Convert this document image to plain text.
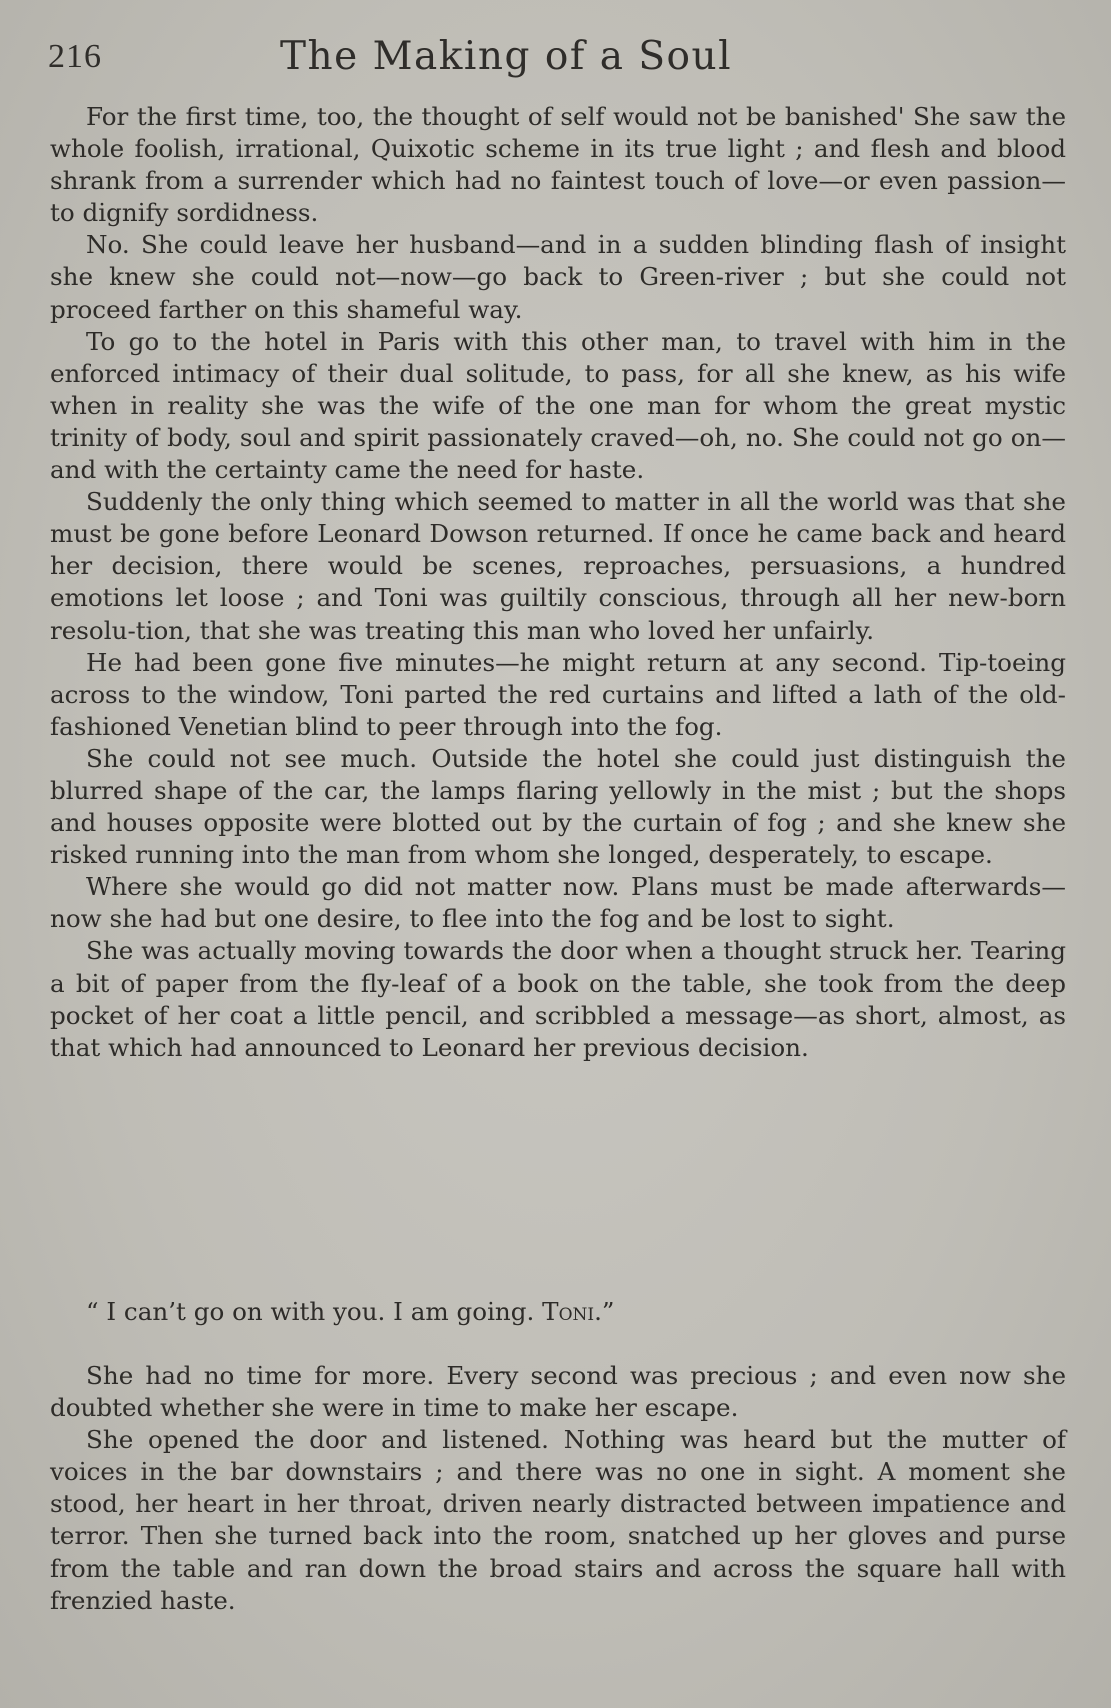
216	The Making of a Soul

For the first time, too, the thought of self would not be banished' She saw the whole foolish, irrational, Quixotic scheme in its true light ; and flesh and blood shrank from a surrender which had no faintest touch of love—or even passion—to dignify sordidness.

No. She could leave her husband—and in a sudden blinding flash of insight she knew she could not—now—go back to Green-river ; but she could not proceed farther on this shameful way.

To go to the hotel in Paris with this other man, to travel with him in the enforced intimacy of their dual solitude, to pass, for all she knew, as his wife when in reality she was the wife of the one man for whom the great mystic trinity of body, soul and spirit passionately craved—oh, no. She could not go on—and with the certainty came the need for haste.

Suddenly the only thing which seemed to matter in all the world was that she must be gone before Leonard Dowson returned. If once he came back and heard her decision, there would be scenes, reproaches, persuasions, a hundred emotions let loose ; and Toni was guiltily conscious, through all her new-born resolu-tion, that she was treating this man who loved her unfairly.

He had been gone five minutes—he might return at any second. Tip-toeing across to the window, Toni parted the red curtains and lifted a lath of the old-fashioned Venetian blind to peer through into the fog.

She could not see much. Outside the hotel she could just distinguish the blurred shape of the car, the lamps flaring yellowly in the mist ; but the shops and houses opposite were blotted out by the curtain of fog ; and she knew she risked running into the man from whom she longed, desperately, to escape.

Where she would go did not matter now. Plans must be made afterwards—now she had but one desire, to flee into the fog and be lost to sight.

She was actually moving towards the door when a thought struck her. Tearing a bit of paper from the fly-leaf of a book on the table, she took from the deep pocket of her coat a little pencil, and scribbled a message—as short, almost, as that which had announced to Leonard her previous decision.

“ I can’t go on with you. I am going. Toni.”

She had no time for more. Every second was precious ; and even now she doubted whether she were in time to make her escape.

She opened the door and listened. Nothing was heard but the mutter of voices in the bar downstairs ; and there was no one in sight. A moment she stood, her heart in her throat, driven nearly distracted between impatience and terror. Then she turned back into the room, snatched up her gloves and purse from the table and ran down the broad stairs and across the square hall with frenzied haste.
